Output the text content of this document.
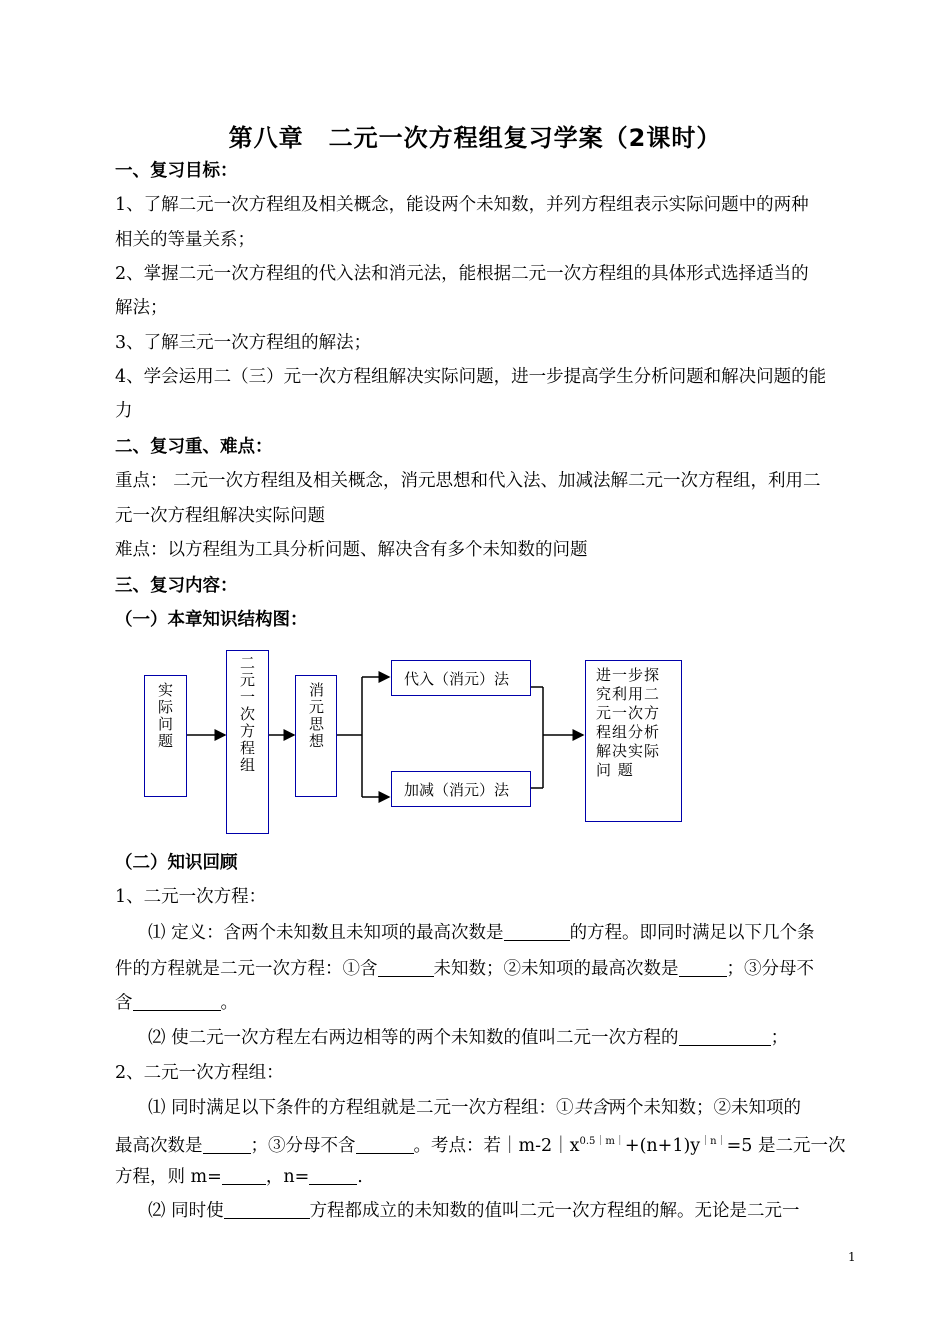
第八章　二元一次方程组复习学案（2课时）
一、复习目标：
1、了解二元一次方程组及相关概念，能设两个未知数，并列方程组表示实际问题中的两种
相关的等量关系；
2、掌握二元一次方程组的代入法和消元法，能根据二元一次方程组的具体形式选择适当的
解法；
3、了解三元一次方程组的解法；
4、学会运用二（三）元一次方程组解决实际问题，进一步提高学生分析问题和解决问题的能
力
二、复习重、难点：
重点： 二元一次方程组及相关概念，消元思想和代入法、加减法解二元一次方程组，利用二
元一次方程组解决实际问题
难点：以方程组为工具分析问题、解决含有多个未知数的问题
三、复习内容：
（一）本章知识结构图：
实际问题	二元一次方程组	消元思想
代入（消元）法
加减（消元）法
进一步探
究利用二
元一次方
程组分析
解决实际
问 题
（二）知识回顾
1、二元一次方程：
⑴ 定义：含两个未知数且未知项的最高次数是	的方程。即同时满足以下几个条
件的方程就是二元一次方程：①含	未知数；②未知项的最高次数是	；③分母不
含	。
⑵ 使二元一次方程左右两边相等的两个未知数的值叫二元一次方程的	；
2、二元一次方程组：
⑴ 同时满足以下条件的方程组就是二元一次方程组：①共含两个未知数；②未知项的
最高次数是	；③分母不含	。考点：若$|m-2|x^{0.5|m|}+(n+1)y^{|n|}=5$ 是二元一次
方程，则 m=	，n=	.
⑵ 同时使	方程都成立的未知数的值叫二元一次方程组的解。无论是二元一
1
